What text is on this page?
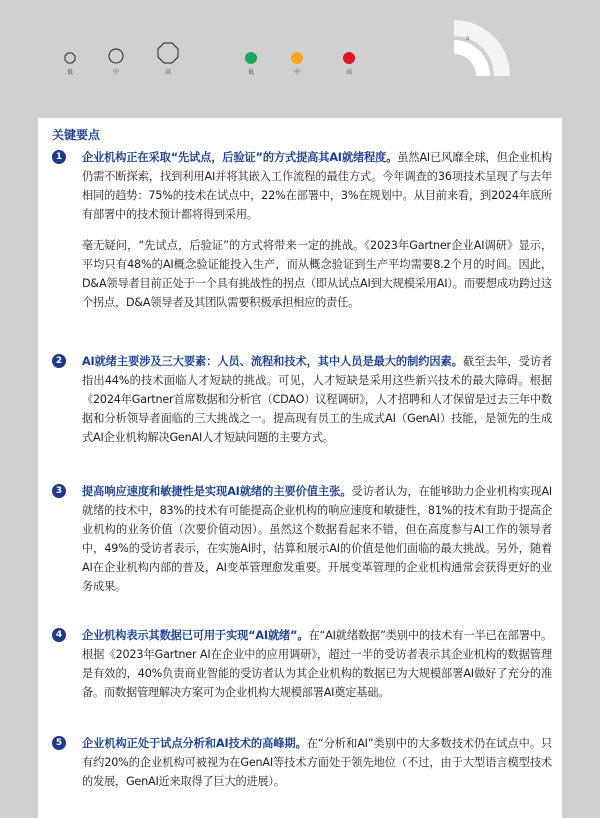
低	中	高	低	中	高
d
关键要点
1	企业机构正在采取“先试点，后验证”的方式提高其AI就绪程度。虽然AI已风靡全球，但企业机构仍需不断探索，找到利用AI并将其嵌入工作流程的最佳方式。今年调查的36项技术呈现了与去年相同的趋势：75%的技术在试点中，22%在部署中，3%在规划中。从目前来看，到2024年底所有部署中的技术预计都将得到采用。
毫无疑问，“先试点，后验证”的方式将带来一定的挑战。《2023年Gartner企业AI调研》显示，平均只有48%的AI概念验证能投入生产，而从概念验证到生产平均需要8.2个月的时间。因此，D&A领导者目前正处于一个具有挑战性的拐点（即从试点AI到大规模采用AI）。而要想成功跨过这个拐点，D&A领导者及其团队需要积极承担相应的责任。
2	AI就绪主要涉及三大要素：人员、流程和技术，其中人员是最大的制约因素。截至去年，受访者指出44%的技术面临人才短缺的挑战。可见，人才短缺是采用这些新兴技术的最大障碍。根据《2024年Gartner首席数据和分析官（CDAO）议程调研》，人才招聘和人才保留是过去三年中数据和分析领导者面临的三大挑战之一。提高现有员工的生成式AI（GenAI）技能，是领先的生成式AI企业机构解决GenAI人才短缺问题的主要方式。
3	提高响应速度和敏捷性是实现AI就绪的主要价值主张。受访者认为，在能够助力企业机构实现AI就绪的技术中，83%的技术有可能提高企业机构的响应速度和敏捷性，81%的技术有助于提高企业机构的业务价值（次要价值动因）。虽然这个数据看起来不错，但在高度参与AI工作的领导者中，49%的受访者表示，在实施AI时，估算和展示AI的价值是他们面临的最大挑战。另外，随着AI在企业机构内部的普及，AI变革管理愈发重要。开展变革管理的企业机构通常会获得更好的业务成果。
4	企业机构表示其数据已可用于实现“AI就绪”。在“AI就绪数据”类别中的技术有一半已在部署中。根据《2023年Gartner AI在企业中的应用调研》，超过一半的受访者表示其企业机构的数据管理是有效的，40%负责商业智能的受访者认为其企业机构的数据已为大规模部署AI做好了充分的准备。而数据管理解决方案可为企业机构大规模部署AI奠定基础。
5	企业机构正处于试点分析和AI技术的高峰期。在“分析和AI”类别中的大多数技术仍在试点中。只有约20%的企业机构可被视为在GenAI等技术方面处于领先地位（不过，由于大型语言模型技术的发展，GenAI近来取得了巨大的进展）。
